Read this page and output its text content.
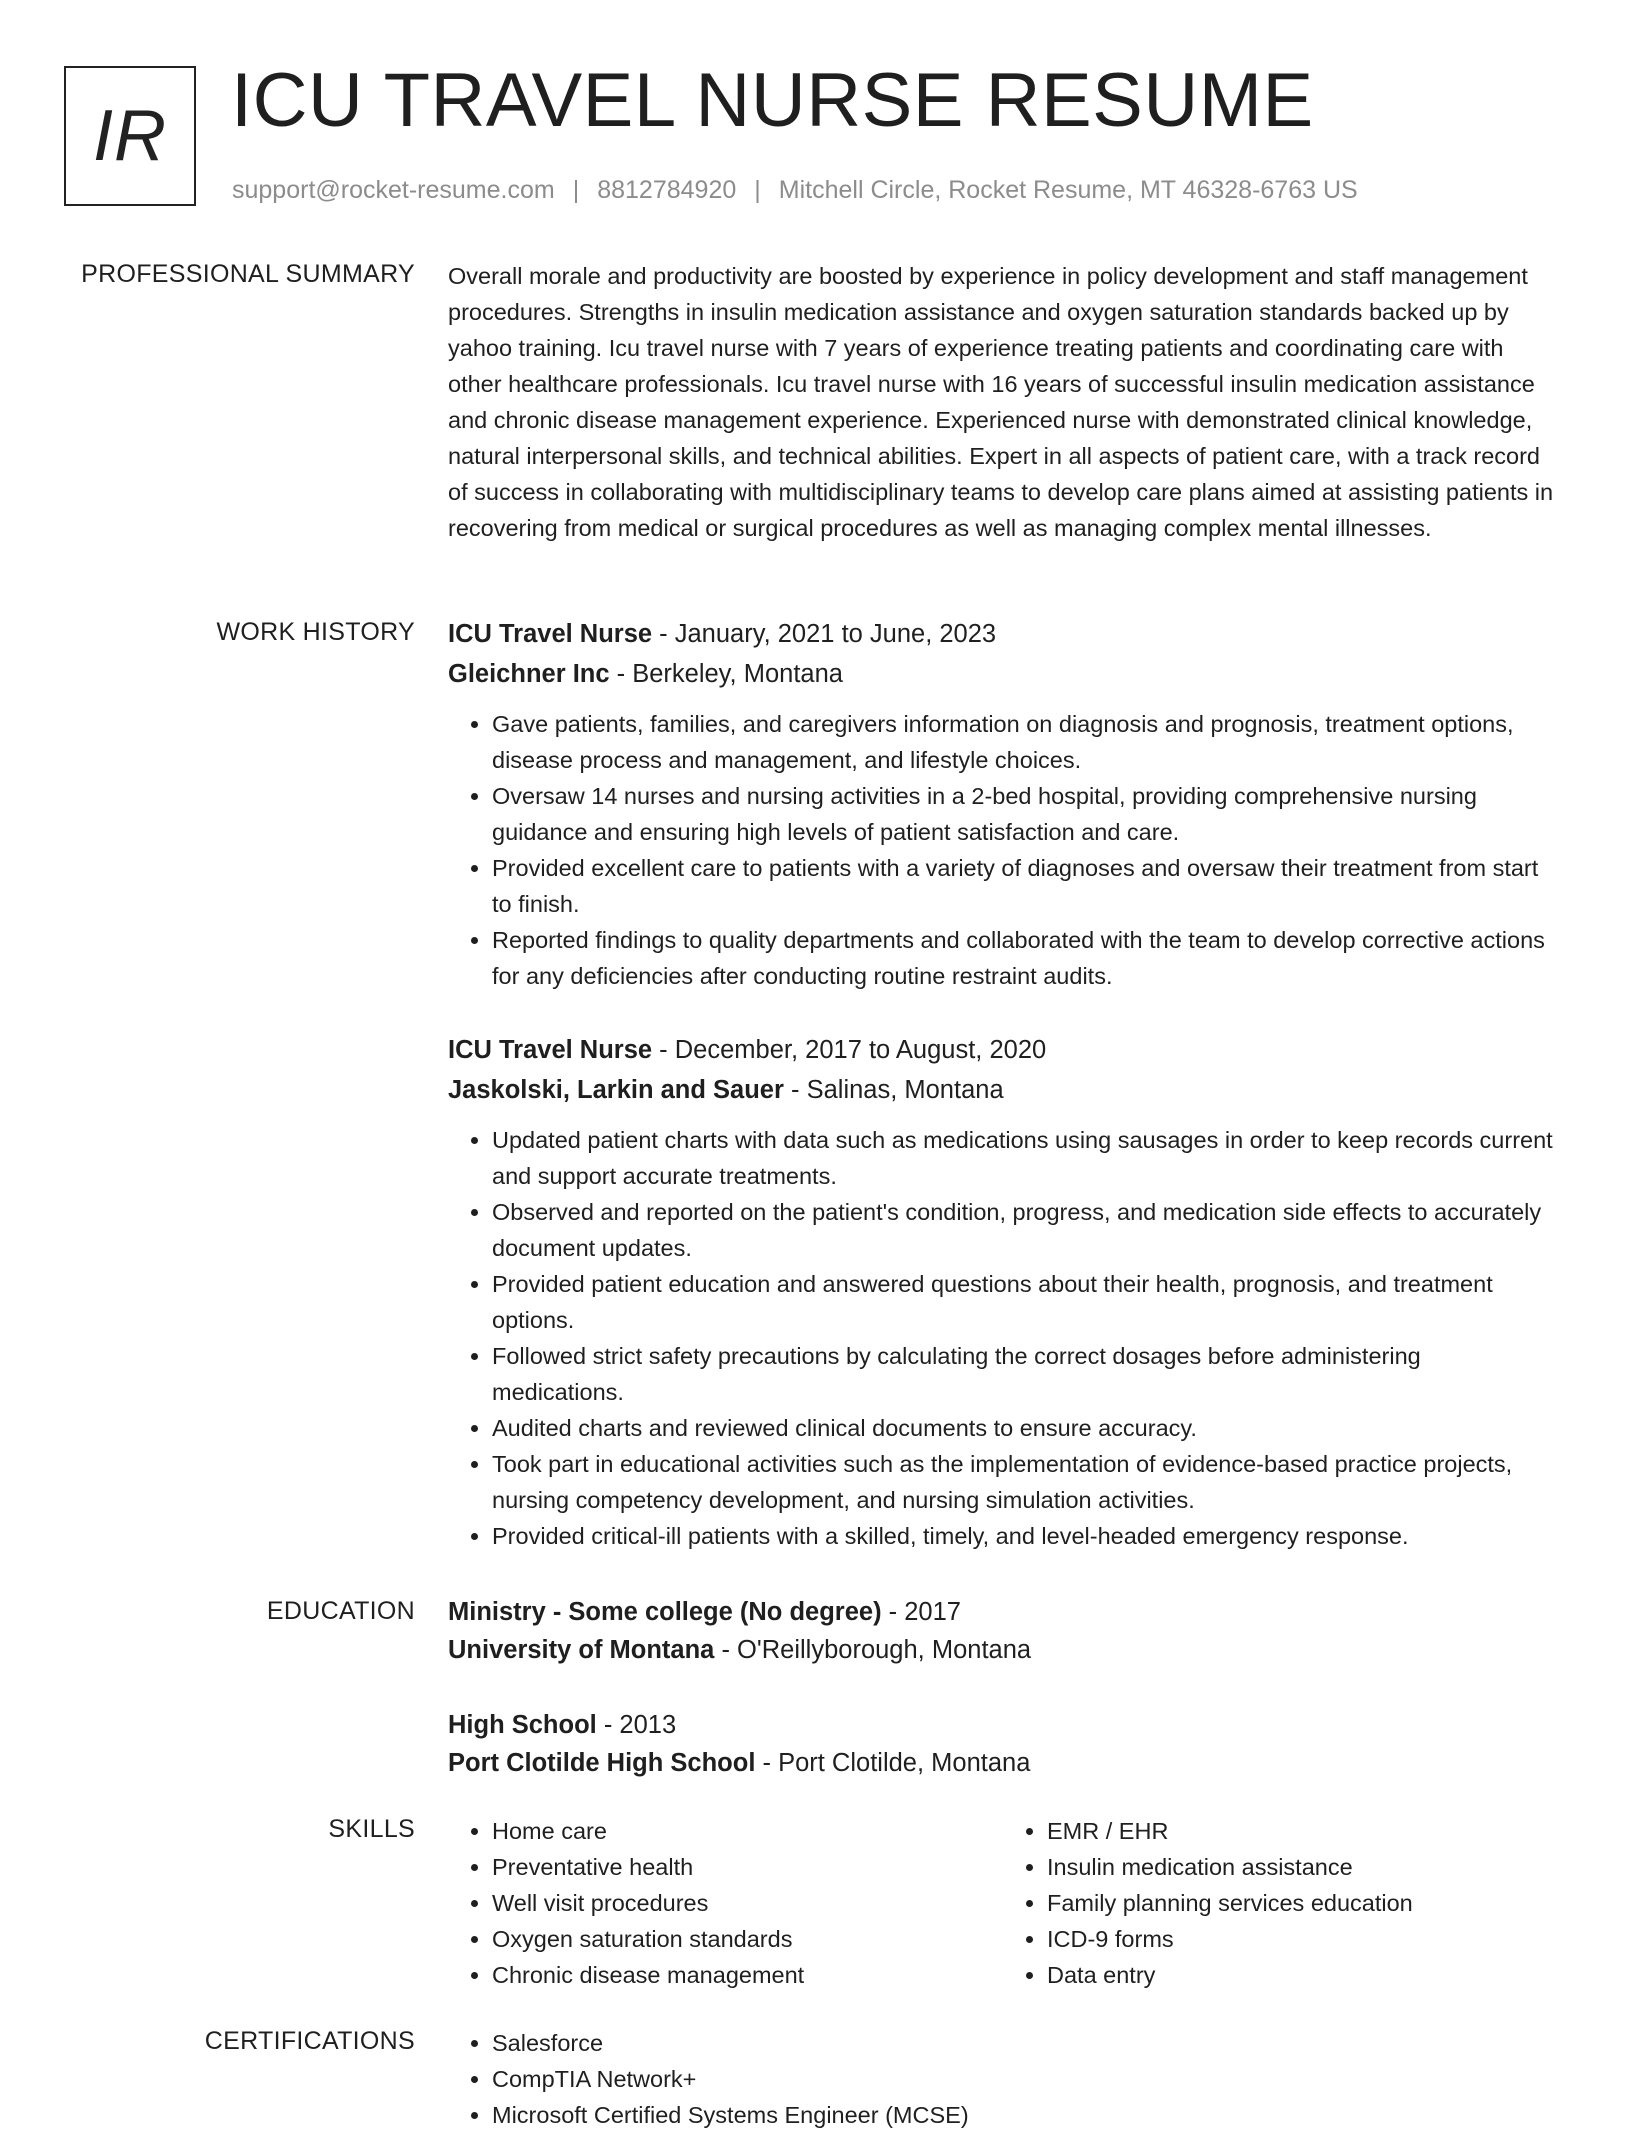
IR ICU TRAVEL NURSE RESUME
support@rocket-resume.com | 8812784920 | Mitchell Circle, Rocket Resume, MT 46328-6763 US
PROFESSIONAL SUMMARY Overall morale and productivity are boosted by experience in policy development and staff management procedures. Strengths in insulin medication assistance and oxygen saturation standards backed up by yahoo training. Icu travel nurse with 7 years of experience treating patients and coordinating care with other healthcare professionals. Icu travel nurse with 16 years of successful insulin medication assistance and chronic disease management experience. Experienced nurse with demonstrated clinical knowledge, natural interpersonal skills, and technical abilities. Expert in all aspects of patient care, with a track record of success in collaborating with multidisciplinary teams to develop care plans aimed at assisting patients in recovering from medical or surgical procedures as well as managing complex mental illnesses.

WORK HISTORY ICU Travel Nurse - January, 2021 to June, 2023
Gleichner Inc - Berkeley, Montana
• Gave patients, families, and caregivers information on diagnosis and prognosis, treatment options, disease process and management, and lifestyle choices.
• Oversaw 14 nurses and nursing activities in a 2-bed hospital, providing comprehensive nursing guidance and ensuring high levels of patient satisfaction and care.
• Provided excellent care to patients with a variety of diagnoses and oversaw their treatment from start to finish.
• Reported findings to quality departments and collaborated with the team to develop corrective actions for any deficiencies after conducting routine restraint audits.
ICU Travel Nurse - December, 2017 to August, 2020
Jaskolski, Larkin and Sauer - Salinas, Montana
• Updated patient charts with data such as medications using sausages in order to keep records current and support accurate treatments.
• Observed and reported on the patient's condition, progress, and medication side effects to accurately document updates.
• Provided patient education and answered questions about their health, prognosis, and treatment options.
• Followed strict safety precautions by calculating the correct dosages before administering medications.
• Audited charts and reviewed clinical documents to ensure accuracy.
• Took part in educational activities such as the implementation of evidence-based practice projects, nursing competency development, and nursing simulation activities.
• Provided critical-ill patients with a skilled, timely, and level-headed emergency response.
EDUCATION Ministry - Some college (No degree) - 2017
University of Montana - O'Reillyborough, Montana
High School - 2013
Port Clotilde High School - Port Clotilde, Montana
SKILLS	• Home care
• Preventative health
• Well visit procedures
• Oxygen saturation standards
• Chronic disease management
• EMR / EHR
• Insulin medication assistance
• Family planning services education
• ICD-9 forms
• Data entry
CERTIFICATIONS	• Salesforce
• CompTIA Network+
• Microsoft Certified Systems Engineer (MCSE)
